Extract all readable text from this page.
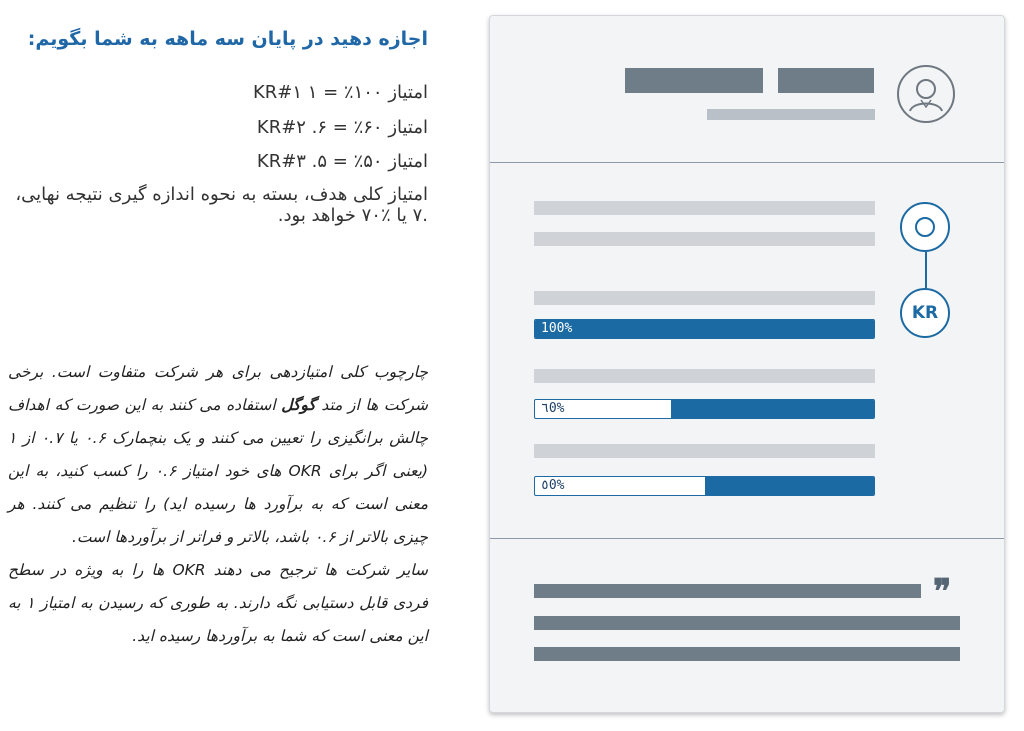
اجازه دهید در پایان سه ماهه به شما بگویم:
امتیاز KR#۱ ۱ = ٪۱۰۰
امتیاز KR#۲ .۶ = ٪۶۰
امتیاز KR#۳ .۵ = ٪۵۰
امتیاز کلی هدف، بسته به نحوه اندازه گیری نتیجه نهایی، .۷ یا ٪۷۰ خواهد بود.

چارچوب کلی امتیازدهی برای هر شرکت متفاوت است. برخی شرکت ها از متد گوگل استفاده می کنند به این صورت که اهداف چالش برانگیزی را تعیین می کنند و یک بنچمارک ۰.۶ یا ۰.۷ از ۱ (یعنی اگر برای OKR های خود امتیاز ۰.۶ را کسب کنید، به این معنی است که به برآورد ها رسیده اید) را تنظیم می کنند. هر چیزی بالاتر از ۰.۶ باشد، بالاتر و فراتر از برآوردها است.

سایر شرکت ها ترجیح می دهند OKR ها را به ویژه در سطح فردی قابل دستیابی نگه دارند. به طوری که رسیدن به امتیاز ۱ به این معنی است که شما به برآوردها رسیده اید.

KR
100%
٦0%
٥0%
❞
